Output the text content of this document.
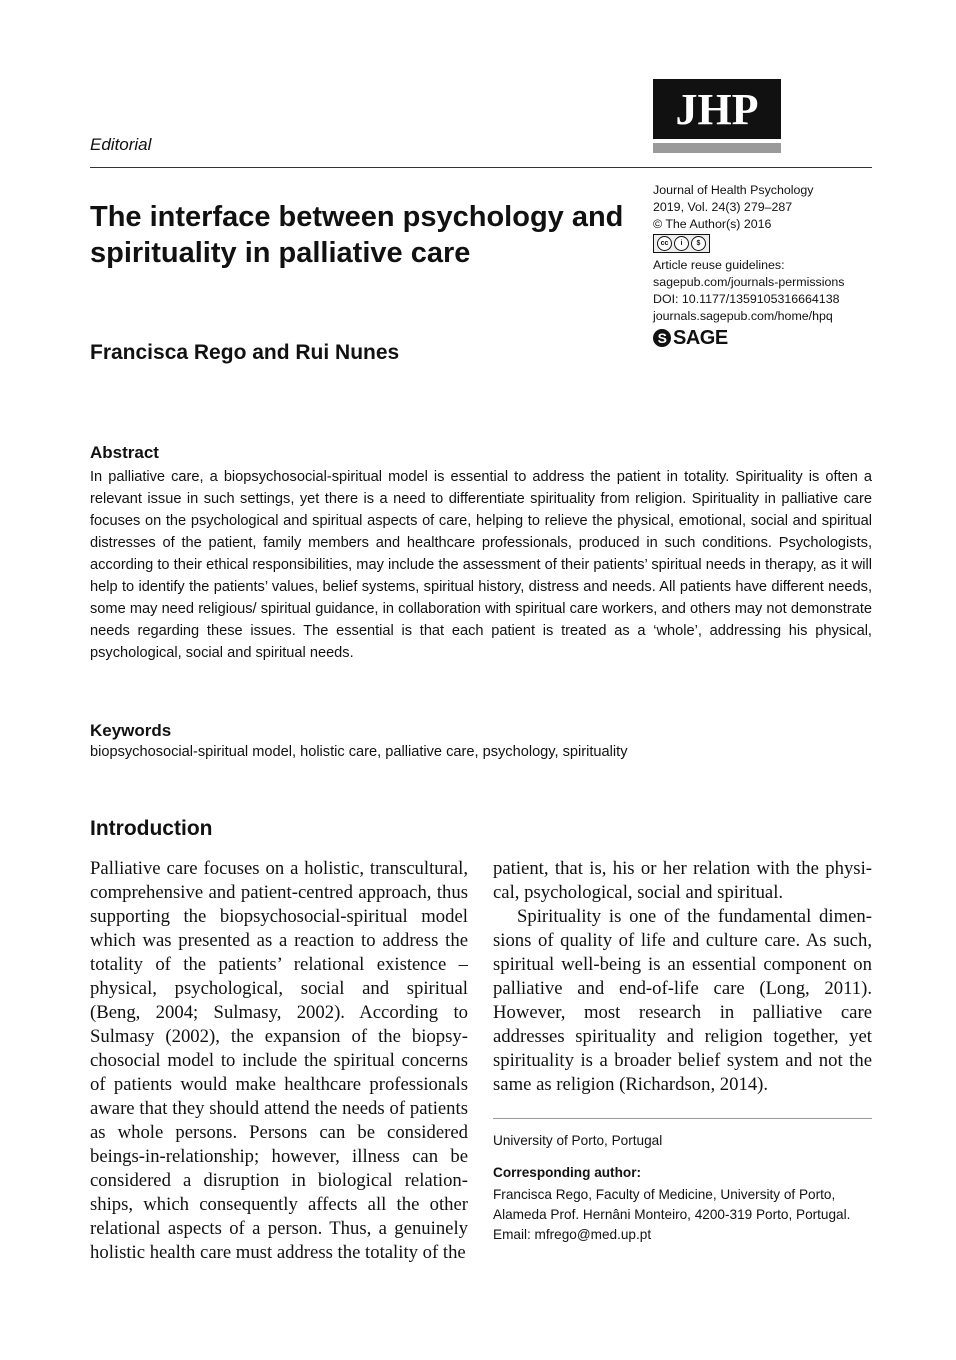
JHP
Editorial
The interface between psychology and spirituality in palliative care
Francisca Rego and Rui Nunes
Journal of Health Psychology
2019, Vol. 24(3) 279–287
© The Author(s) 2016
cc	i	$
Article reuse guidelines:
sagepub.com/journals-permissions
DOI: 10.1177/1359105316664138
journals.sagepub.com/home/hpq
S SAGE
Abstract
In palliative care, a biopsychosocial-spiritual model is essential to address the patient in totality. Spirituality is often a relevant issue in such settings, yet there is a need to differentiate spirituality from religion. Spirituality in palliative care focuses on the psychological and spiritual aspects of care, helping to relieve the physical, emotional, social and spiritual distresses of the patient, family members and healthcare professionals, produced in such conditions. Psychologists, according to their ethical responsibilities, may include the assessment of their patients’ spiritual needs in therapy, as it will help to identify the patients’ values, belief systems, spiritual history, distress and needs. All patients have different needs, some may need religious/ spiritual guidance, in collaboration with spiritual care workers, and others may not demonstrate needs regarding these issues. The essential is that each patient is treated as a ‘whole’, addressing his physical, psychological, social and spiritual needs.
Keywords
biopsychosocial-spiritual model, holistic care, palliative care, psychology, spirituality
Introduction

Palliative care focuses on a holistic, transcultural, comprehensive and patient-centred approach, thus supporting the biopsychosocial-spiritual model which was presented as a reaction to address the totality of the patients’ relational existence – physical, psychological, social and spiritual (Beng, 2004; Sulmasy, 2002). According to Sulmasy (2002), the expansion of the biopsy- chosocial model to include the spiritual concerns of patients would make healthcare professionals aware that they should attend the needs of patients as whole persons. Persons can be considered beings-in-relationship; however, illness can be considered a disruption in biological relation- ships, which consequently affects all the other relational aspects of a person. Thus, a genuinely holistic health care must address the totality of the

patient, that is, his or her relation with the physi- cal, psychological, social and spiritual.

Spirituality is one of the fundamental dimen- sions of quality of life and culture care. As such, spiritual well-being is an essential component on palliative and end-of-life care (Long, 2011). However, most research in palliative care addresses spirituality and religion together, yet spirituality is a broader belief system and not the same as religion (Richardson, 2014).

University of Porto, Portugal
Corresponding author:
Francisca Rego, Faculty of Medicine, University of Porto, Alameda Prof. Hernâni Monteiro, 4200-319 Porto, Portugal.
Email: mfrego@med.up.pt
